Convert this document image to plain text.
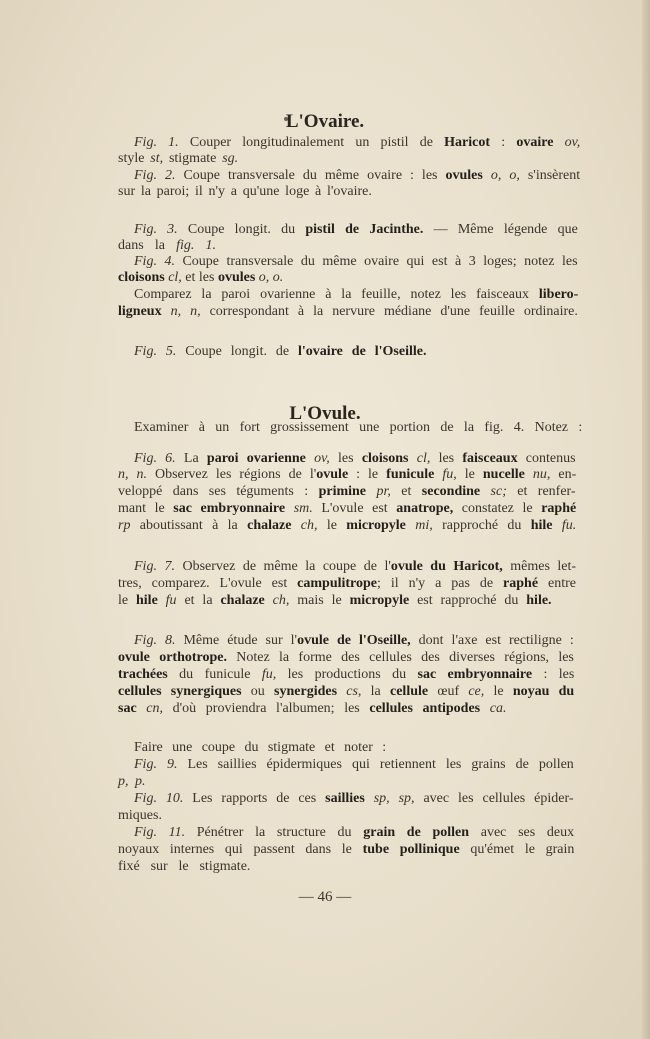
L'Ovaire.
L'Ovule.
Fig. 1. Couper longitudinalement un pistil de Haricot : ovaire ov,
style st, stigmate sg.
Fig. 2. Coupe transversale du même ovaire : les ovules o, o, s'insèrent
sur la paroi; il n'y a qu'une loge à l'ovaire.
Fig. 3. Coupe longit. du pistil de Jacinthe. — Même légende que
dans la fig. 1.
Fig. 4. Coupe transversale du même ovaire qui est à 3 loges; notez les
cloisons cl, et les ovules o, o.
Comparez la paroi ovarienne à la feuille, notez les faisceaux libero-
ligneux n, n, correspondant à la nervure médiane d'une feuille ordinaire.
Fig. 5. Coupe longit. de l'ovaire de l'Oseille.
Examiner à un fort grossissement une portion de la fig. 4. Notez :
Fig. 6. La paroi ovarienne ov, les cloisons cl, les faisceaux contenus
n, n. Observez les régions de l'ovule : le funicule fu, le nucelle nu, en-
veloppé dans ses téguments : primine pr, et secondine sc; et renfer-
mant le sac embryonnaire sm. L'ovule est anatrope, constatez le raphé
rp aboutissant à la chalaze ch, le micropyle mi, rapproché du hile fu.
Fig. 7. Observez de même la coupe de l'ovule du Haricot, mêmes let-
tres, comparez. L'ovule est campulitrope; il n'y a pas de raphé entre
le hile fu et la chalaze ch, mais le micropyle est rapproché du hile.
Fig. 8. Même étude sur l'ovule de l'Oseille, dont l'axe est rectiligne :
ovule orthotrope. Notez la forme des cellules des diverses régions, les
trachées du funicule fu, les productions du sac embryonnaire : les
cellules synergiques ou synergides cs, la cellule œuf ce, le noyau du
sac cn, d'où proviendra l'albumen; les cellules antipodes ca.
Faire une coupe du stigmate et noter :
Fig. 9. Les saillies épidermiques qui retiennent les grains de pollen
p, p.
Fig. 10. Les rapports de ces saillies sp, sp, avec les cellules épider-
miques.
Fig. 11. Pénétrer la structure du grain de pollen avec ses deux
noyaux internes qui passent dans le tube pollinique qu'émet le grain
fixé sur le stigmate.
— 46 —
